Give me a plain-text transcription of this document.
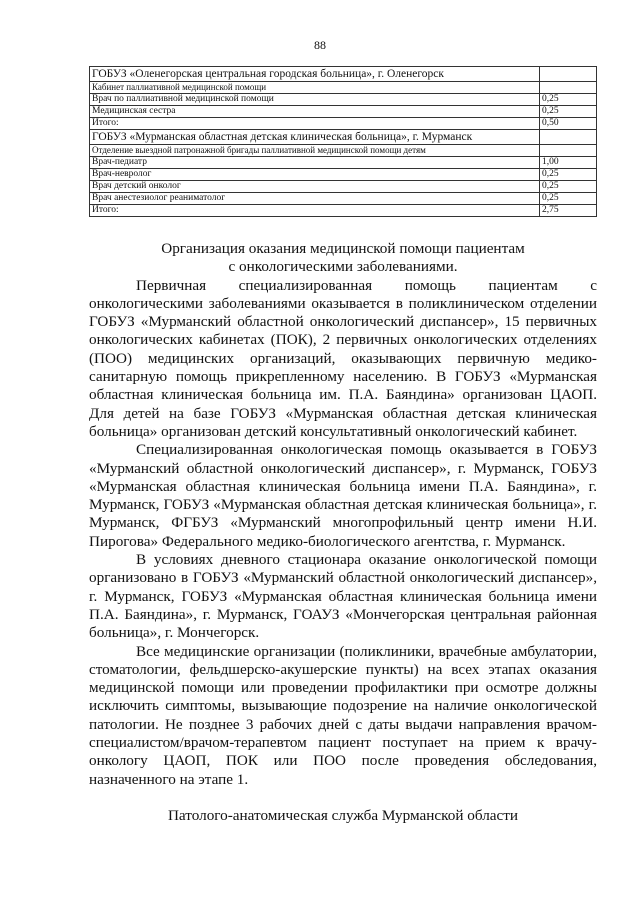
88
ГОБУЗ «Оленегорская центральная городская больница», г. Оленегорск	
Кабинет паллиативной медицинской помощи	
Врач по паллиативной медицинской помощи	0,25
Медицинская сестра	0,25
Итого:	0,50
ГОБУЗ «Мурманская областная детская клиническая больница», г. Мурманск	
Отделение выездной патронажной бригады паллиативной медицинской помощи детям	
Врач-педиатр	1,00
Врач-невролог	0,25
Врач детский онколог	0,25
Врач анестезиолог реаниматолог	0,25
Итого:	2,75

Организация оказания медицинской помощи пациентам
с онкологическими заболеваниями.

Первичная специализированная помощь пациентам с онкологическими заболеваниями оказывается в поликлиническом отделении ГОБУЗ «Мурманский областной онкологический диспансер», 15 первичных онкологических кабинетах (ПОК), 2 первичных онкологических отделениях (ПОО) медицинских организаций, оказывающих первичную медико-санитарную помощь прикрепленному населению. В ГОБУЗ «Мурманская областная клиническая больница им. П.А. Баяндина» организован ЦАОП. Для детей на базе ГОБУЗ «Мурманская областная детская клиническая больница» организован детский консультативный онкологический кабинет.

Специализированная онкологическая помощь оказывается в ГОБУЗ «Мурманский областной онкологический диспансер», г. Мурманск, ГОБУЗ «Мурманская областная клиническая больница имени П.А. Баяндина», г. Мурманск, ГОБУЗ «Мурманская областная детская клиническая больница», г. Мурманск, ФГБУЗ «Мурманский многопрофильный центр имени Н.И. Пирогова» Федерального медико-биологического агентства, г. Мурманск.

В условиях дневного стационара оказание онкологической помощи организовано в ГОБУЗ «Мурманский областной онкологический диспансер», г. Мурманск, ГОБУЗ «Мурманская областная клиническая больница имени П.А. Баяндина», г. Мурманск, ГОАУЗ «Мончегорская центральная районная больница», г. Мончегорск.

Все медицинские организации (поликлиники, врачебные амбулатории, стоматологии, фельдшерско-акушерские пункты) на всех этапах оказания медицинской помощи или проведении профилактики при осмотре должны исключить симптомы, вызывающие подозрение на наличие онкологической патологии. Не позднее 3 рабочих дней с даты выдачи направления врачом-специалистом/врачом-терапевтом пациент поступает на прием к врачу-онкологу ЦАОП, ПОК или ПОО после проведения обследования, назначенного на этапе 1.

Патолого-анатомическая служба Мурманской области
